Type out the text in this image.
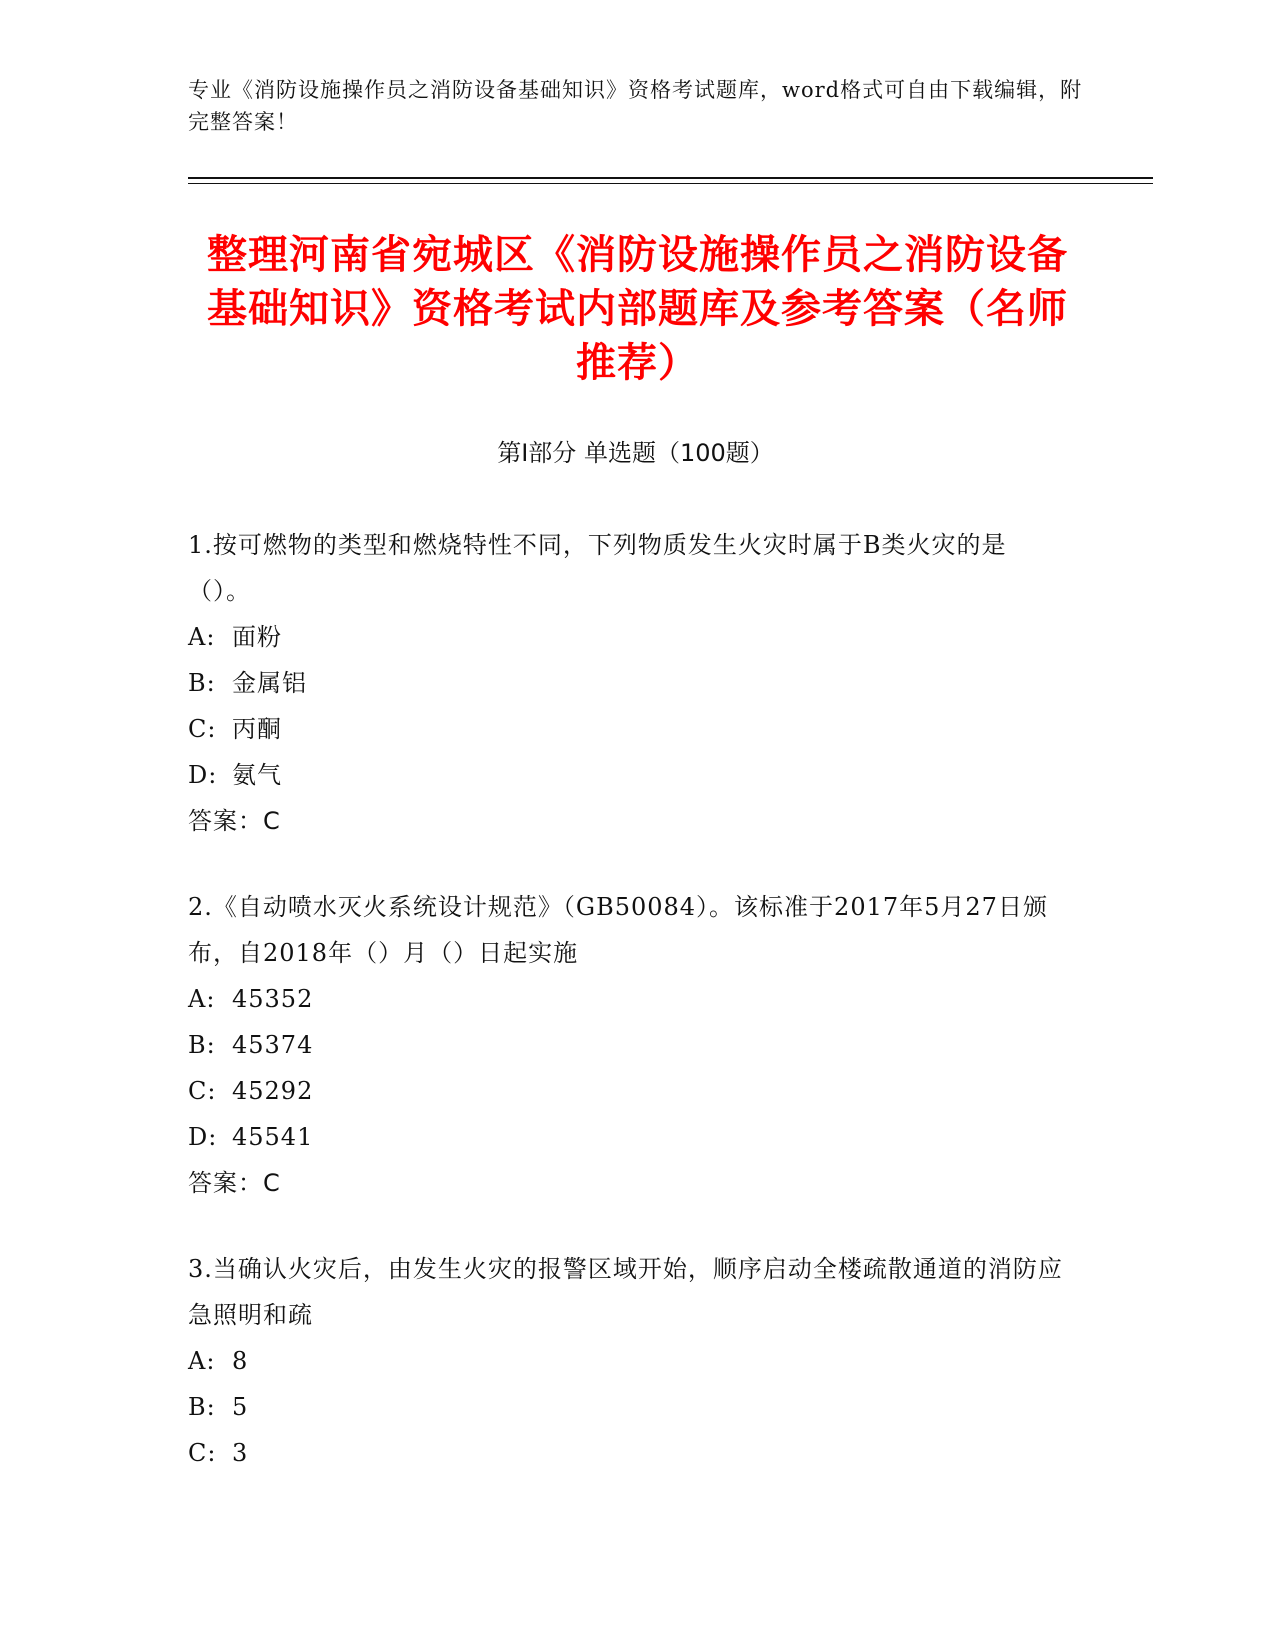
专业《消防设施操作员之消防设备基础知识》资格考试题库，word格式可自由下载编辑，附完整答案！
整理河南省宛城区《消防设施操作员之消防设备基础知识》资格考试内部题库及参考答案（名师推荐）
第I部分 单选题（100题）

1.按可燃物的类型和燃烧特性不同，下列物质发生火灾时属于B类火灾的是（）。

A: 面粉
B: 金属铝
C: 丙酮
D: 氨气

答案：C

2.《自动喷水灭火系统设计规范》（GB50084）。该标准于2017年5月27日颁布，自2018年（）月（）日起实施

A: 45352
B: 45374
C: 45292
D: 45541

答案：C

3.当确认火灾后，由发生火灾的报警区域开始，顺序启动全楼疏散通道的消防应急照明和疏

A: 8
B: 5
C: 3
